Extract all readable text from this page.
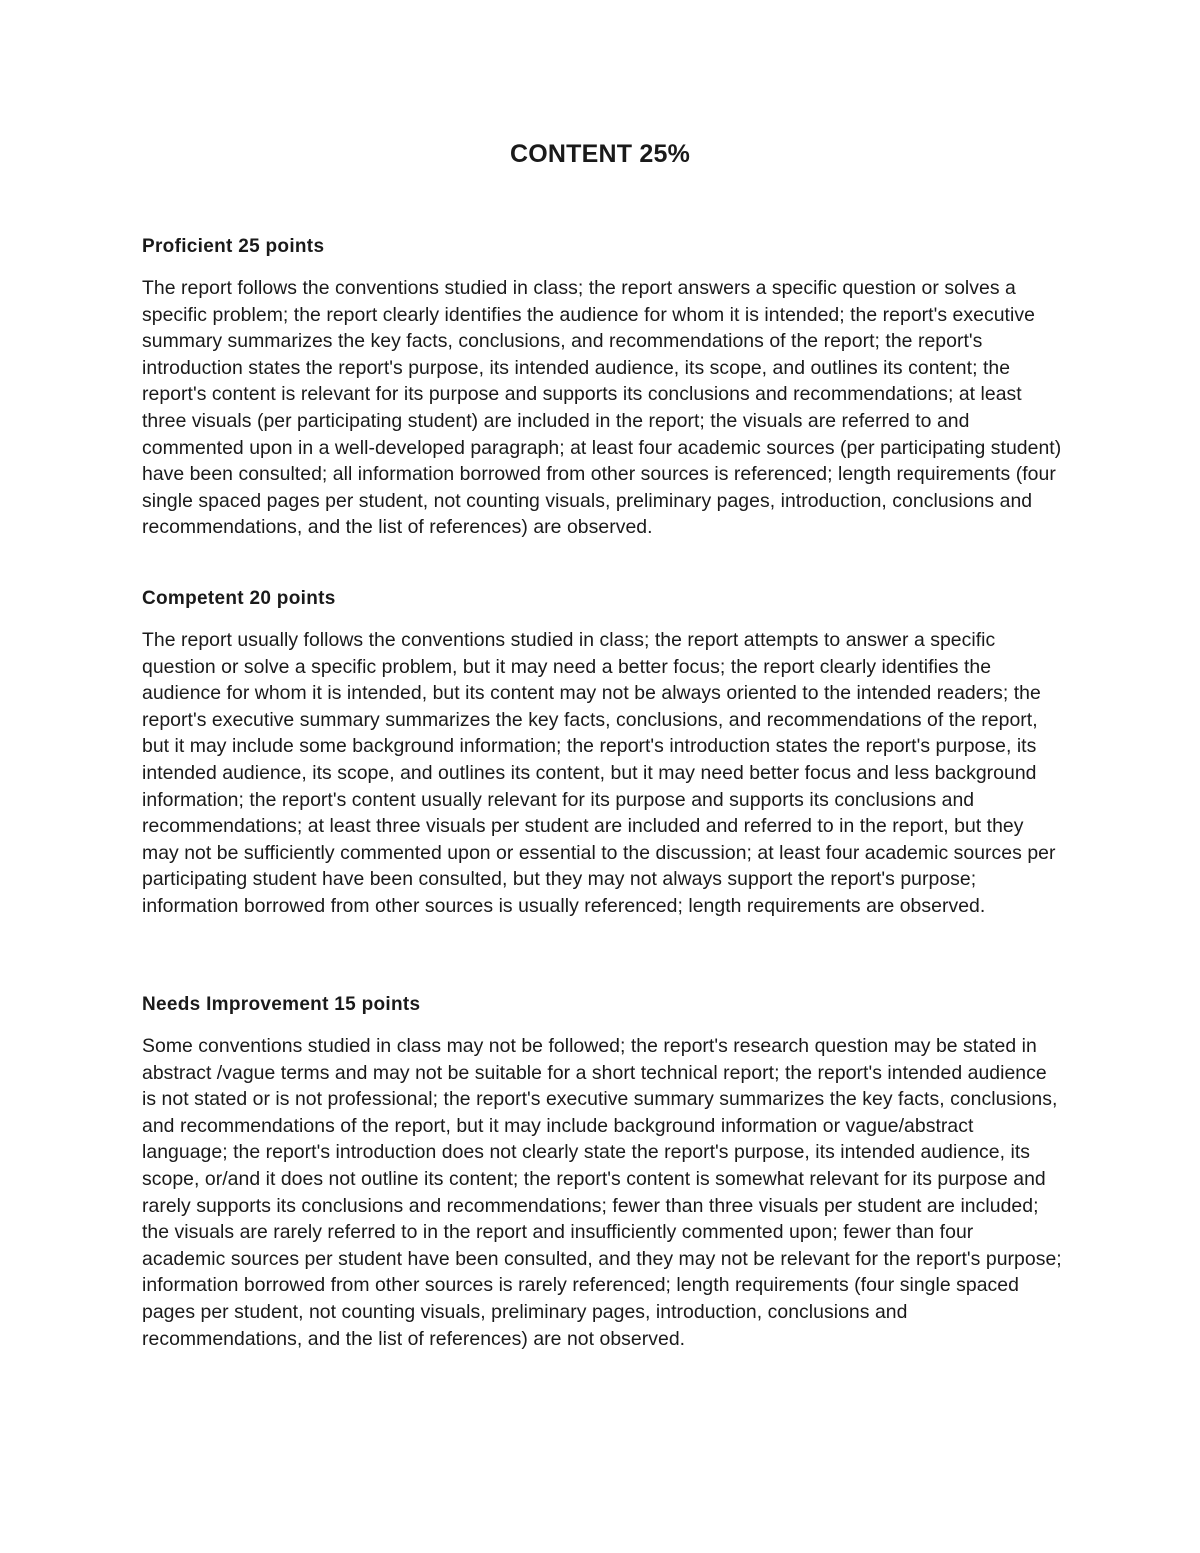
CONTENT 25%
Proficient 25 points

The report follows the conventions studied in class; the report answers a specific question or solves a specific problem; the report clearly identifies the audience for whom it is intended; the report's executive summary summarizes the key facts, conclusions, and recommendations of the report; the report's introduction states the report's purpose, its intended audience, its scope, and outlines its content; the report's content is relevant for its purpose and supports its conclusions and recommendations; at least three visuals (per participating student) are included in the report; the visuals are referred to and commented upon in a well-developed paragraph; at least four academic sources (per participating student) have been consulted; all information borrowed from other sources is referenced; length requirements (four single spaced pages per student, not counting visuals, preliminary pages, introduction, conclusions and recommendations, and the list of references) are observed.

Competent 20 points

The report usually follows the conventions studied in class; the report attempts to answer a specific question or solve a specific problem, but it may need a better focus; the report clearly identifies the audience for whom it is intended, but its content may not be always oriented to the intended readers; the report's executive summary summarizes the key facts, conclusions, and recommendations of the report, but it may include some background information; the report's introduction states the report's purpose, its intended audience, its scope, and outlines its content, but it may need better focus and less background information; the report's content usually relevant for its purpose and supports its conclusions and recommendations; at least three visuals per student are included and referred to in the report, but they may not be sufficiently commented upon or essential to the discussion; at least four academic sources per participating student have been consulted, but they may not always support the report's purpose; information borrowed from other sources is usually referenced; length requirements are observed.

Needs Improvement 15 points

Some conventions studied in class may not be followed; the report's research question may be stated in abstract /vague terms and may not be suitable for a short technical report; the report's intended audience is not stated or is not professional; the report's executive summary summarizes the key facts, conclusions, and recommendations of the report, but it may include background information or vague/abstract language; the report's introduction does not clearly state the report's purpose, its intended audience, its scope, or/and it does not outline its content; the report's content is somewhat relevant for its purpose and rarely supports its conclusions and recommendations; fewer than three visuals per student are included; the visuals are rarely referred to in the report and insufficiently commented upon; fewer than four academic sources per student have been consulted, and they may not be relevant for the report's purpose; information borrowed from other sources is rarely referenced; length requirements (four single spaced pages per student, not counting visuals, preliminary pages, introduction, conclusions and recommendations, and the list of references) are not observed.
